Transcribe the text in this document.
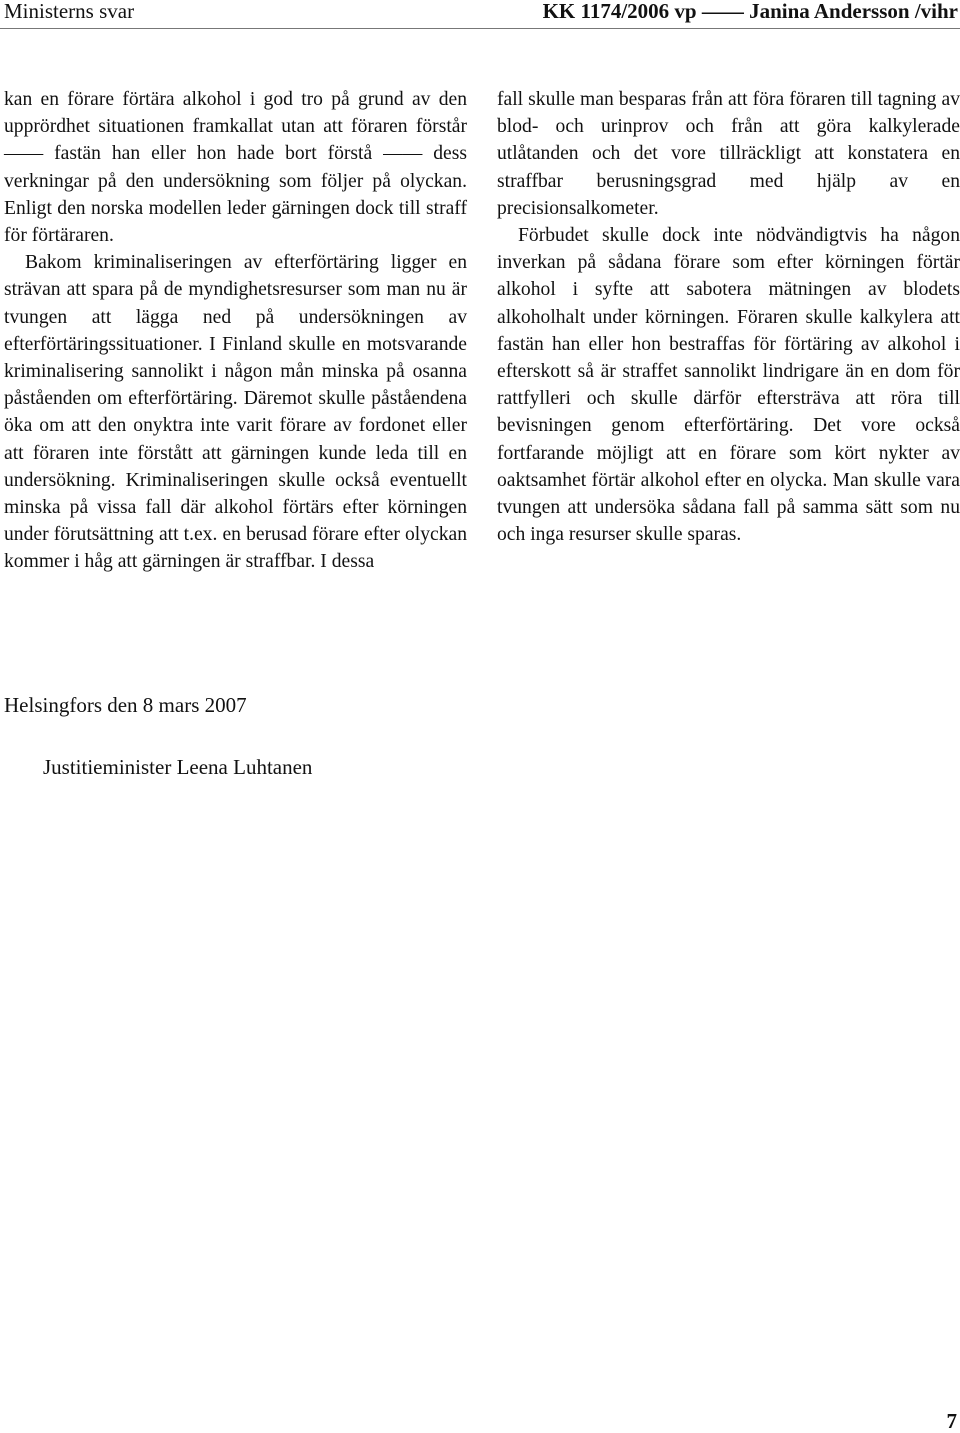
Ministerns svar	KK 1174/2006 vp —— Janina Andersson /vihr

kan en förare förtära alkohol i god tro på grund av den upprördhet situationen framkallat utan att föraren förstår —— fastän han eller hon hade bort förstå —— dess verkningar på den undersökning som följer på olyckan. Enligt den norska modellen leder gärningen dock till straff för förtäraren.

Bakom kriminaliseringen av efterförtäring ligger en strävan att spara på de myndighetsresurser som man nu är tvungen att lägga ned på undersökningen av efterförtäringssituationer. I Finland skulle en motsvarande kriminalisering sannolikt i någon mån minska på osanna påståenden om efterförtäring. Däremot skulle påståendena öka om att den onyktra inte varit förare av fordonet eller att föraren inte förstått att gärningen kunde leda till en undersökning. Kriminaliseringen skulle också eventuellt minska på vissa fall där alkohol förtärs efter körningen under förutsättning att t.ex. en berusad förare efter olyckan kommer i håg att gärningen är straffbar. I dessa

fall skulle man besparas från att föra föraren till tagning av blod- och urinprov och från att göra kalkylerade utlåtanden och det vore tillräckligt att konstatera en straffbar berusningsgrad med hjälp av en precisionsalkometer.

Förbudet skulle dock inte nödvändigtvis ha någon inverkan på sådana förare som efter körningen förtär alkohol i syfte att sabotera mätningen av blodets alkoholhalt under körningen. Föraren skulle kalkylera att fastän han eller hon bestraffas för förtäring av alkohol i efterskott så är straffet sannolikt lindrigare än en dom för rattfylleri och skulle därför eftersträva att röra till bevisningen genom efterförtäring. Det vore också fortfarande möjligt att en förare som kört nykter av oaktsamhet förtär alkohol efter en olycka. Man skulle vara tvungen att undersöka sådana fall på samma sätt som nu och inga resurser skulle sparas.

Helsingfors den 8 mars 2007
Justitieminister Leena Luhtanen
7
